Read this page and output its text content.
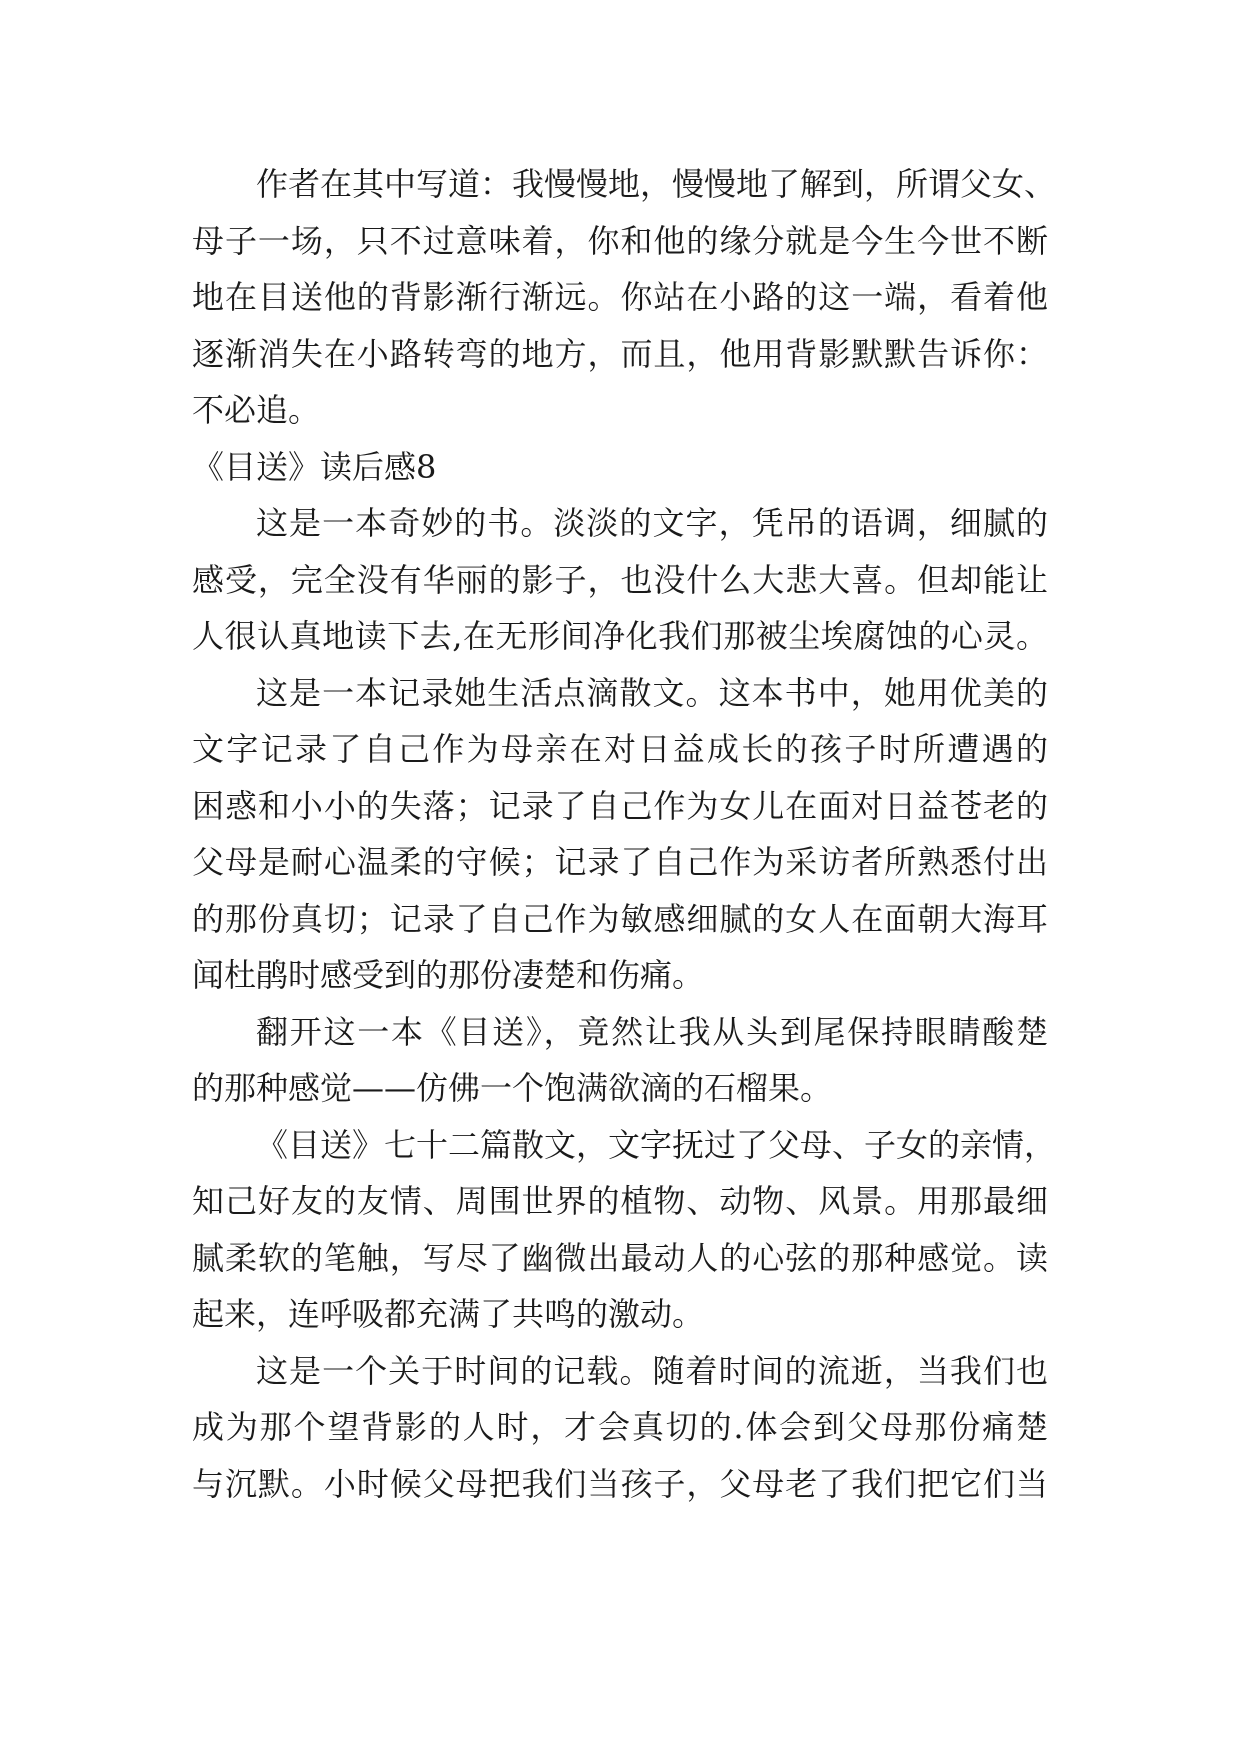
作者在其中写道：我慢慢地，慢慢地了解到，所谓父女、
母子一场，只不过意味着，你和他的缘分就是今生今世不断
地在目送他的背影渐行渐远。你站在小路的这一端，看着他
逐渐消失在小路转弯的地方，而且，他用背影默默告诉你：
不必追。
《目送》读后感8
这是一本奇妙的书。淡淡的文字，凭吊的语调，细腻的
感受，完全没有华丽的影子，也没什么大悲大喜。但却能让
人很认真地读下去,在无形间净化我们那被尘埃腐蚀的心灵。
这是一本记录她生活点滴散文。这本书中，她用优美的
文字记录了自己作为母亲在对日益成长的孩子时所遭遇的
困惑和小小的失落；记录了自己作为女儿在面对日益苍老的
父母是耐心温柔的守候；记录了自己作为采访者所熟悉付出
的那份真切；记录了自己作为敏感细腻的女人在面朝大海耳
闻杜鹃时感受到的那份凄楚和伤痛。
翻开这一本《目送》，竟然让我从头到尾保持眼睛酸楚
的那种感觉——仿佛一个饱满欲滴的石榴果。
《目送》七十二篇散文，文字抚过了父母、子女的亲情，
知己好友的友情、周围世界的植物、动物、风景。用那最细
腻柔软的笔触，写尽了幽微出最动人的心弦的那种感觉。读
起来，连呼吸都充满了共鸣的激动。
这是一个关于时间的记载。随着时间的流逝，当我们也
成为那个望背影的人时，才会真切的.体会到父母那份痛楚
与沉默。小时候父母把我们当孩子，父母老了我们把它们当
